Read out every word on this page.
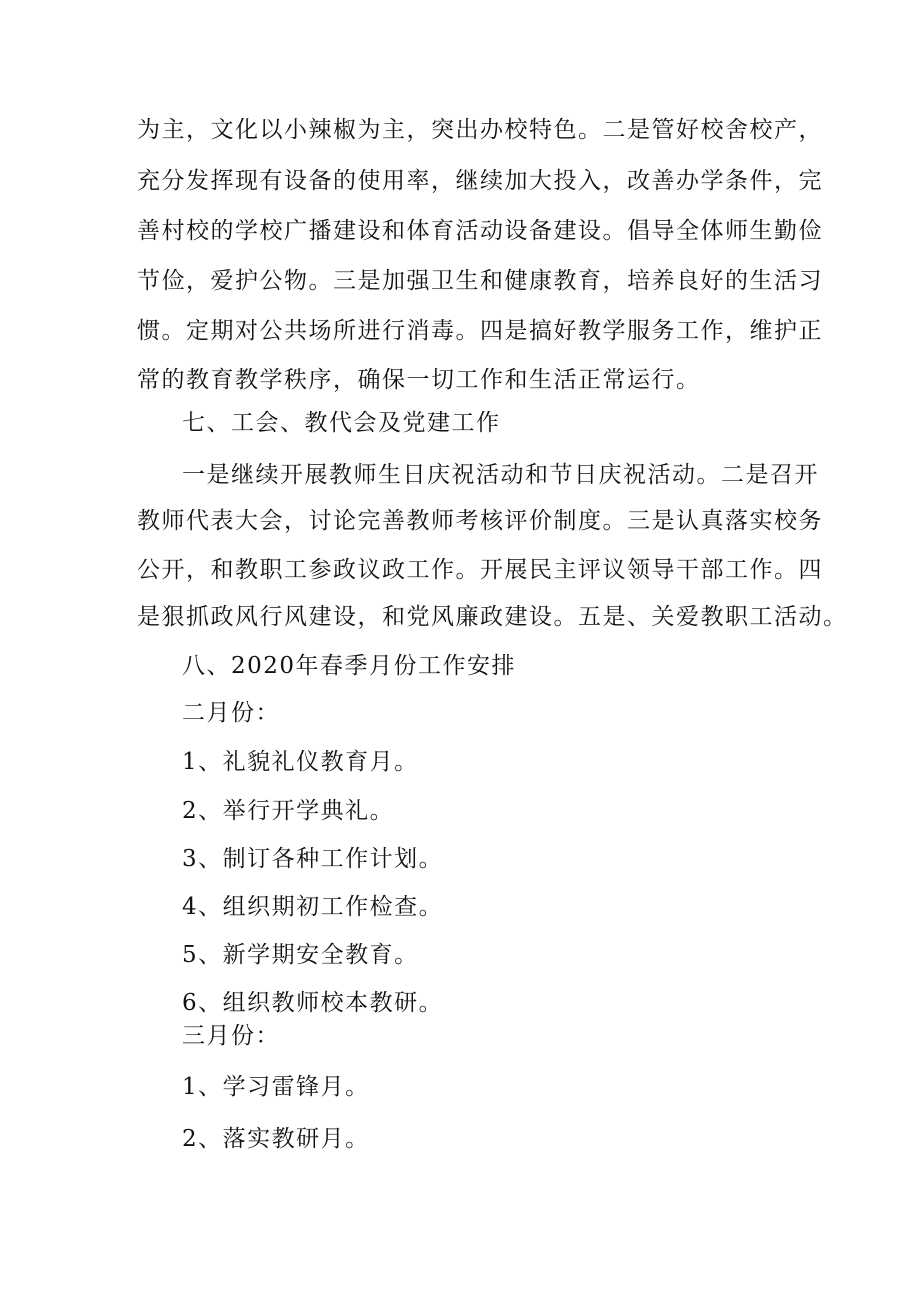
为主，文化以小辣椒为主，突出办校特色。二是管好校舍校产，
充分发挥现有设备的使用率，继续加大投入，改善办学条件，完
善村校的学校广播建设和体育活动设备建设。倡导全体师生勤俭
节俭，爱护公物。三是加强卫生和健康教育，培养良好的生活习
惯。定期对公共场所进行消毒。四是搞好教学服务工作，维护正
常的教育教学秩序，确保一切工作和生活正常运行。
七、工会、教代会及党建工作
一是继续开展教师生日庆祝活动和节日庆祝活动。二是召开
教师代表大会，讨论完善教师考核评价制度。三是认真落实校务
公开，和教职工参政议政工作。开展民主评议领导干部工作。四
是狠抓政风行风建设，和党风廉政建设。五是、关爱教职工活动。
八、2020年春季月份工作安排
二月份：
1、礼貌礼仪教育月。
2、举行开学典礼。
3、制订各种工作计划。
4、组织期初工作检查。
5、新学期安全教育。
6、组织教师校本教研。
三月份：
1、学习雷锋月。
2、落实教研月。
